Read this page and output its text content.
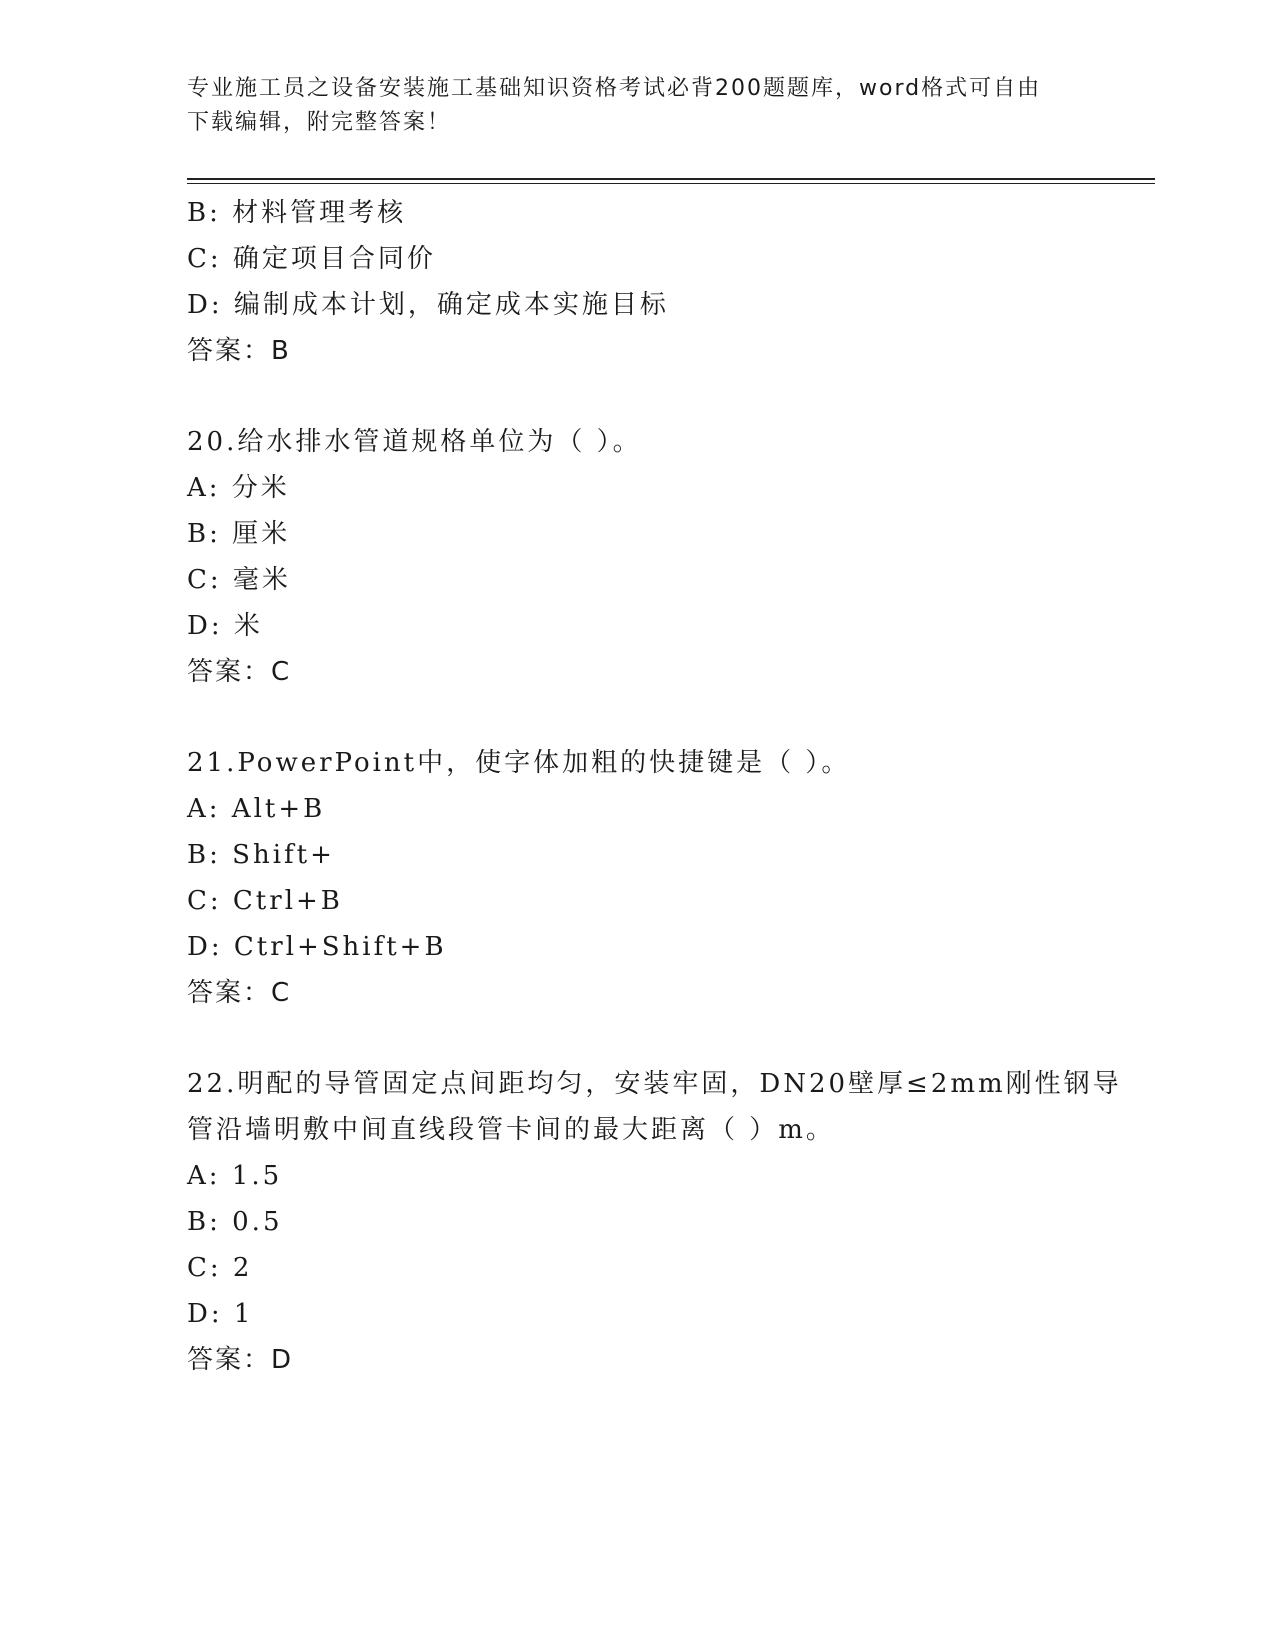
专业施工员之设备安装施工基础知识资格考试必背200题题库，word格式可自由
下载编辑，附完整答案！
B: 材料管理考核
C: 确定项目合同价
D: 编制成本计划，确定成本实施目标
答案：B
20.给水排水管道规格单位为（ ）。
A: 分米
B: 厘米
C: 毫米
D: 米
答案：C
21.PowerPoint中，使字体加粗的快捷键是（ ）。
A: Alt+B
B: Shift+
C: Ctrl+B
D: Ctrl+Shift+B
答案：C
22.明配的导管固定点间距均匀，安装牢固，DN20壁厚≤2mm刚性钢导
管沿墙明敷中间直线段管卡间的最大距离（ ）m。
A: 1.5
B: 0.5
C: 2
D: 1
答案：D
